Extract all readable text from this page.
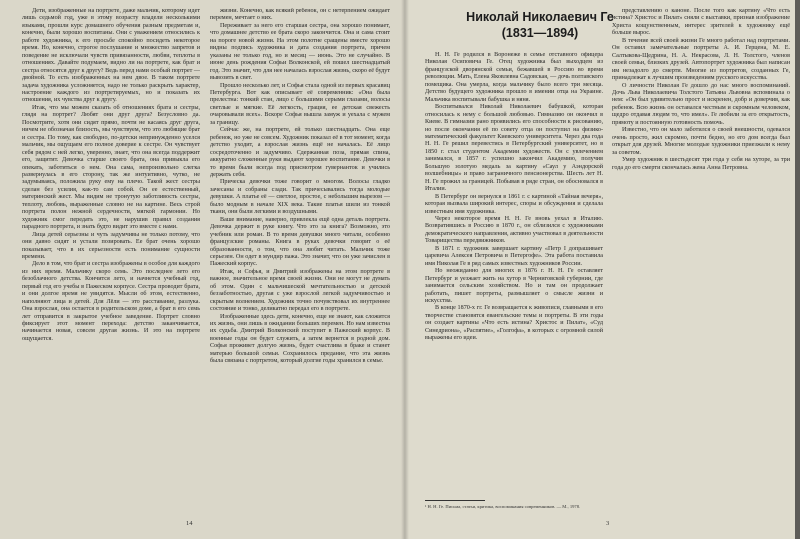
Дети, изображенные на портрете, даже мальчик, которому идет лишь седьмой год, уже в этому возрасту владели несколькими языками, прошли курс домашнего обучения разным предметам и, конечно, были хорошо воспитаны. Они с уважением относились к работе художника, к его просьбе спокойно посидеть некоторое время. Но, конечно, строгое послушание и множество запретов и поведение не исключали чувств привязанности, любви, теплоты в отношениях. Давайте подумаем, видно ли на портрете, как брат и сестра относятся друг к другу? Ведь перед нами особый портрет — двойной. То есть изображенных на нем двое. В таком портрете задача художника усложняется, надо не только раскрыть характер, настроение каждого из портретируемых, но и показать их отношения, их чувства друг к другу.

Итак, что мы можем сказать об отношениях брата и сестры, глядя на портрет? Любят они друг друга? Безусловно да. Посмотрите, хотя они сидят прямо, почти не касаясь друг друга, ничем не обозначая близость, мы чувствуем, что это любящие брат и сестра. По тому, как свободно, по-детски непринужденно уселся мальчик, мы ощущаем его полное доверие к сестре. Он чувствует себя рядом с ней легко, уверенно, знает, что она всегда поддержит его, защитит. Девочка старше своего брата, она привыкла его опекать, заботиться о нем. Она сама, непроизвольно слегка развернулась в его сторону, так же интуитивно, чутко, не задумываясь, положила руку ему на плечо. Такой жест сестры сделан без усилия, как-то сам собой. Он ее естественный, материнский жест. Мы видим не тронутую заботливость сестры, теплоту, любовь, выраженные словно не на картине. Весь строй портрета полон нежной сердечности, мягкой гармонии. Но художник смог передать это, не нарушив правил создания парадного портрета, и знать будто видит это вместе с нами.

Лица детей серьезны и чуть задумчивы не только потому, что они давно сидят и устали позировать. Ее брат очень хорошо показывает, что в их серьезности есть понимание сущности времени.

Дело в том, что брат и сестра изображены в особое для каждого из них время. Мальчику скоро семь. Это последнее лето его безоблачного детства. Кончится лето, и начнется учебный год, первый год его учебы в Пажеском корпусе. Сестра проводит брата, и они долгое время не увидятся. Мысли об этом, естественно, наполняют лица и детей. Для Лёли — это расставание, разлука. Она взрослая, она остается в родительском доме, а брат в его семь лет отправится в закрытое учебное заведение. Портрет словно фиксирует этот момент перехода: детство заканчивается, начинается новая, совсем другая жизнь. И это на портрете ощущается.

жизни. Конечно, как всякий ребенок, он с нетерпением ожидает перемен, мечтает о них.

Переживает за него его старшая сестра, она хорошо понимает, что домашнее детство ее брата скоро закончится. Она и сама стоит на пороге новой жизни. На этом полотне сращены вместе хорошо видны подпись художника и дата создания портрета, причем указаны не только год, но и месяц — июнь. Это не случайно. В июне день рождения Софьи Волконской, ей пошел шестнадцатый год. Это значит, что для нее началась взрослая жизнь, скоро её будут вывозить в свет.

Прошло несколько лет, и Софья стала одной из первых красавиц Петербурга. Вот как описывает её современник: «Она была прелестна: тонкий стан, лицо с большими серыми глазами, волосы светлые и мягкие. Её легкость, грация, ее детская свежесть очаровывали всех». Вскоре Софья вышла замуж и уехала с мужем за границу.

Сейчас же, на портрете, ей только шестнадцать. Она еще ребенок, но уже не совсем. Художник показал её в тот момент, когда детство уходит, а взрослая жизнь ещё не началась. Её лицо сосредоточенно и задумчиво. Сдержанная поза, прямая спина, аккуратно сложенные руки выдают хорошее воспитание. Девочки в то время были всегда под присмотром гувернанток и учились держать себя.

Прическа девочки тоже говорит о многом. Волосы гладко зачесаны и собраны сзади. Так причесывались тогда молодые девушки. А платье её — светлое, простое, с небольшим вырезом — было модным в начале XIX века. Такие платья шили из тонкой ткани, они были легкими и воздушными.

Ваше внимание, наверно, привлекла ещё одна деталь портрета. Девочка держит в руке книгу. Что это за книга? Возможно, это учебник или роман. В то время девушки много читали, особенно французские романы. Книга в руках девочки говорит о её образованности, о том, что она любит читать. Мальчик тоже серьезен. Он одет в мундир пажа. Это значит, что он уже зачислен в Пажеский корпус.

Итак, и Софья, и Дмитрий изображены на этом портрете в важное, значительное время своей жизни. Они не могут не думать об этом. Один с мальчишеской мечтательностью и детской беззаботностью, другая с уже взрослой легкой задумчивостью и скрытым волнением. Художник точно почувствовал их внутреннее состояние и тонко, деликатно передал его в портрете.

Изображенные здесь дети, конечно, еще не знают, как сложится их жизнь, они лишь в ожидании больших перемен. Но нам известна их судьба. Дмитрий Волконский поступит в Пажеский корпус. В военные годы он будет служить, а затем вернется в родной дом. Софья проживет долгую жизнь, будет счастлива в браке и станет матерью большой семьи. Сохранилось предание, что эта жизнь была связана с портретом, который долгие годы хранился в семье.

14
Николай Николаевич Ге
(1831—1894)

Н. Н. Ге родился в Воронеже в семье отставного офицера Николая Осиповича Ге. Отец художника был выходцем из французской дворянской семьи, бежавшей в Россию во время революции. Мать, Елена Яковлевна Садовская, — дочь полтавского помещика. Она умерла, когда мальчику было всего три месяца. Детство будущего художника прошло в имении отца на Украине. Мальчика воспитывали бабушка и няня.

Воспитывался Николай Николаевич бабушкой, которая относилась к нему с большой любовью. Гимназию он окончил в Киеве. В гимназии рано проявились его способности к рисованию, но после окончания её по совету отца он поступил на физико-математический факультет Киевского университета. Через два года Н. Н. Ге решил перевестись в Петербургский университет, но в 1850 г. стал студентом Академии художеств. Он с увлечением занимался, в 1857 г. успешно закончил Академию, получив Большую золотую медаль за картину «Саул у Аэндорской волшебницы» и право заграничного пенсионерства. Шесть лет Н. Н. Ге прожил за границей. Побывав в ряде стран, он обосновался в Италии.

В Петербург он вернулся в 1861 г. с картиной «Тайная вечеря», которая вызвала широкий интерес, споры и обсуждения и сделала известным имя художника.

Через некоторое время Н. Н. Ге вновь уехал в Италию. Возвратившись в Россию в 1870 г., он сблизился с художниками демократического направления, активно участвовал в деятельности Товарищества передвижников.

В 1871 г. художник завершает картину «Петр I допрашивает царевича Алексея Петровича в Петергофе». Эта работа поставила имя Николая Ге в ряд самых известных художников России.

Но неожиданно для многих в 1876 г. Н. Н. Ге оставляет Петербург и уезжает жить на хутор в Черниговской губернии, где занимается сельским хозяйством. Но и там он продолжает работать, пишет портреты, размышляет о смысле жизни и искусства.

В конце 1870-х гг. Ге возвращается к живописи, главными в его творчестве становятся евангельские темы и портреты. В эти годы он создает картины «Что есть истина? Христос и Пилат», «Суд Синедриона», «Распятие», «Голгофа», в которых с огромной силой выражены его идеи.

представлению о каноне. После того как картину «Что есть истина? Христос и Пилат» сняли с выставки, признав изображение Христа кощунственным, интерес зрителей к художнику ещё больше вырос.

В течение всей своей жизни Ге много работал над портретами. Он оставил замечательные портреты А. И. Герцена, М. Е. Салтыкова-Щедрина, Н. А. Некрасова, Л. Н. Толстого, членов своей семьи, близких друзей. Автопортрет художника был написан им незадолго до смерти. Многие из портретов, созданных Ге, принадлежат к лучшим произведениям русского искусства.

О личности Николая Ге дошло до нас много воспоминаний. Дочь Льва Николаевича Толстого Татьяна Львовна вспоминала о нем: «Он был удивительно прост и искренен, добр и доверчив, как ребенок. Всю жизнь он оставался честным и скромным человеком, щедро отдавая людям то, что имел». Ге любили за его открытость, прямоту и постоянную готовность помочь.

Известно, что он мало заботился о своей внешности, одевался очень просто, жил скромно, почти бедно, но его дом всегда был открыт для друзей. Многие молодые художники приезжали к нему за советом.

Умер художник в шестьдесят три года у себя на хуторе, за три года до его смерти скончалась жена Анна Петровна.

¹ Н. Н. Ге. Письма, статьи, критика, воспоминания современников. — М., 1978.
3
